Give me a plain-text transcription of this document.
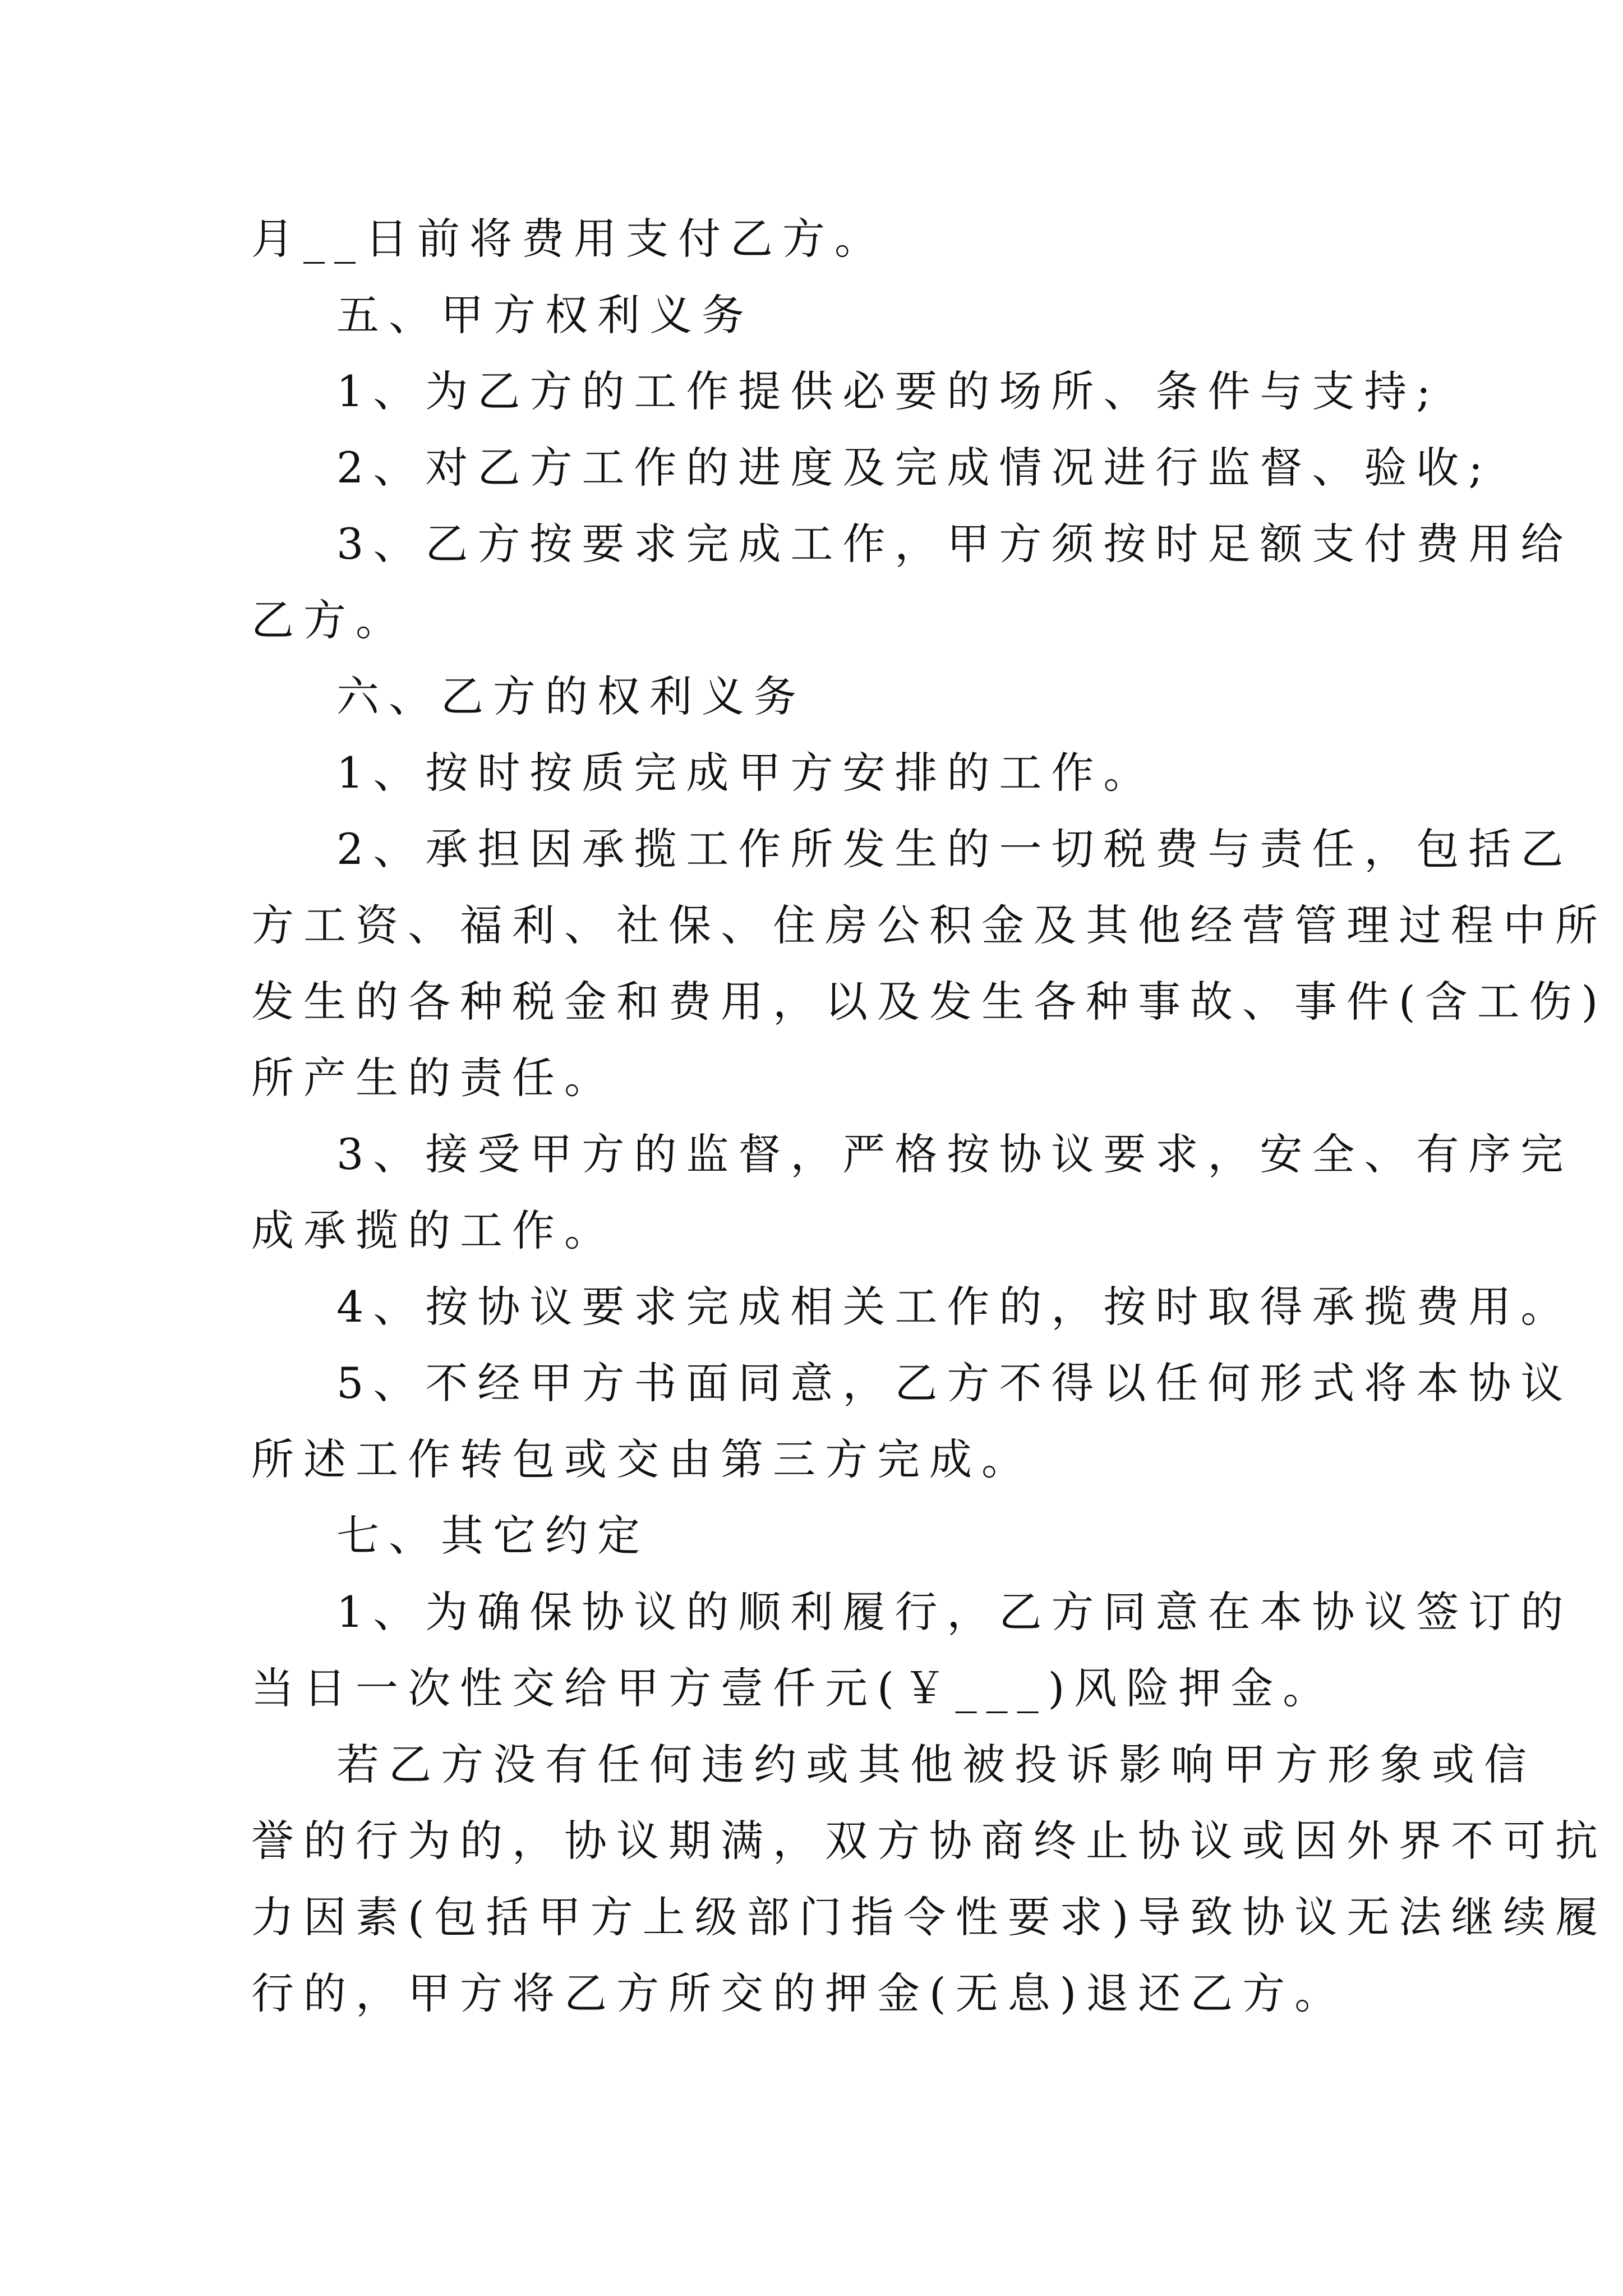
月__日前将费用支付乙方。
五、甲方权利义务
1、为乙方的工作提供必要的场所、条件与支持;
2、对乙方工作的进度及完成情况进行监督、验收;
3、乙方按要求完成工作，甲方须按时足额支付费用给
乙方。
六、乙方的权利义务
1、按时按质完成甲方安排的工作。
2、承担因承揽工作所发生的一切税费与责任，包括乙
方工资、福利、社保、住房公积金及其他经营管理过程中所
发生的各种税金和费用，以及发生各种事故、事件(含工伤)
所产生的责任。
3、接受甲方的监督，严格按协议要求，安全、有序完
成承揽的工作。
4、按协议要求完成相关工作的，按时取得承揽费用。
5、不经甲方书面同意，乙方不得以任何形式将本协议
所述工作转包或交由第三方完成。
七、其它约定
1、为确保协议的顺利履行，乙方同意在本协议签订的
当日一次性交给甲方壹仟元(￥___)风险押金。
若乙方没有任何违约或其他被投诉影响甲方形象或信
誉的行为的，协议期满，双方协商终止协议或因外界不可抗
力因素(包括甲方上级部门指令性要求)导致协议无法继续履
行的，甲方将乙方所交的押金(无息)退还乙方。
